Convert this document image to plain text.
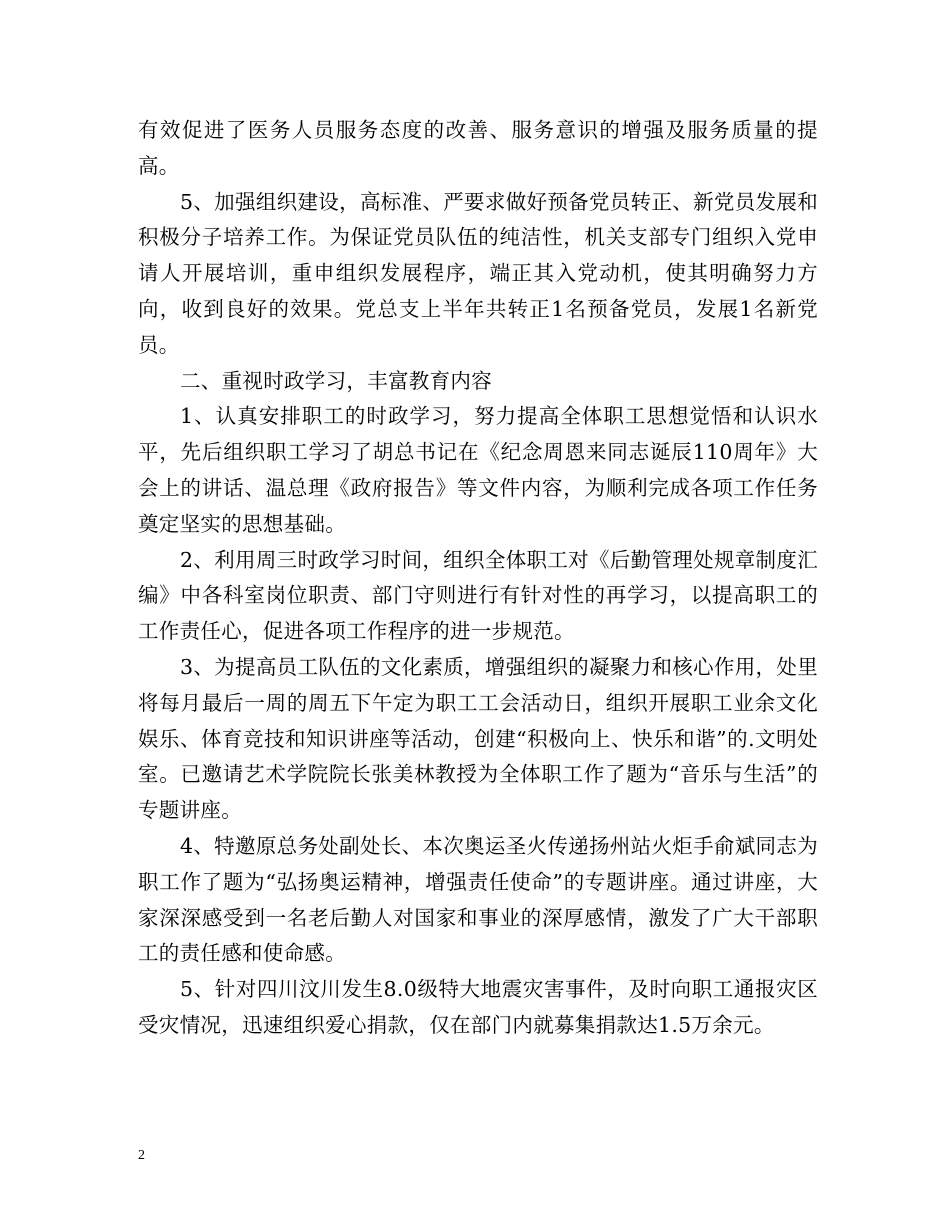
有效促进了医务人员服务态度的改善、服务意识的增强及服务质量的提高。

5、加强组织建设，高标准、严要求做好预备党员转正、新党员发展和积极分子培养工作。为保证党员队伍的纯洁性，机关支部专门组织入党申请人开展培训，重申组织发展程序，端正其入党动机，使其明确努力方向，收到良好的效果。党总支上半年共转正1名预备党员，发展1名新党员。

二、重视时政学习，丰富教育内容

1、认真安排职工的时政学习，努力提高全体职工思想觉悟和认识水平，先后组织职工学习了胡总书记在《纪念周恩来同志诞辰110周年》大会上的讲话、温总理《政府报告》等文件内容，为顺利完成各项工作任务奠定坚实的思想基础。

2、利用周三时政学习时间，组织全体职工对《后勤管理处规章制度汇编》中各科室岗位职责、部门守则进行有针对性的再学习，以提高职工的工作责任心，促进各项工作程序的进一步规范。

3、为提高员工队伍的文化素质，增强组织的凝聚力和核心作用，处里将每月最后一周的周五下午定为职工工会活动日，组织开展职工业余文化娱乐、体育竞技和知识讲座等活动，创建“积极向上、快乐和谐”的.文明处室。已邀请艺术学院院长张美林教授为全体职工作了题为“音乐与生活”的专题讲座。

4、特邀原总务处副处长、本次奥运圣火传递扬州站火炬手俞斌同志为职工作了题为“弘扬奥运精神，增强责任使命”的专题讲座。通过讲座，大家深深感受到一名老后勤人对国家和事业的深厚感情，激发了广大干部职工的责任感和使命感。

5、针对四川汶川发生8.0级特大地震灾害事件，及时向职工通报灾区受灾情况，迅速组织爱心捐款，仅在部门内就募集捐款达1.5万余元。

2
